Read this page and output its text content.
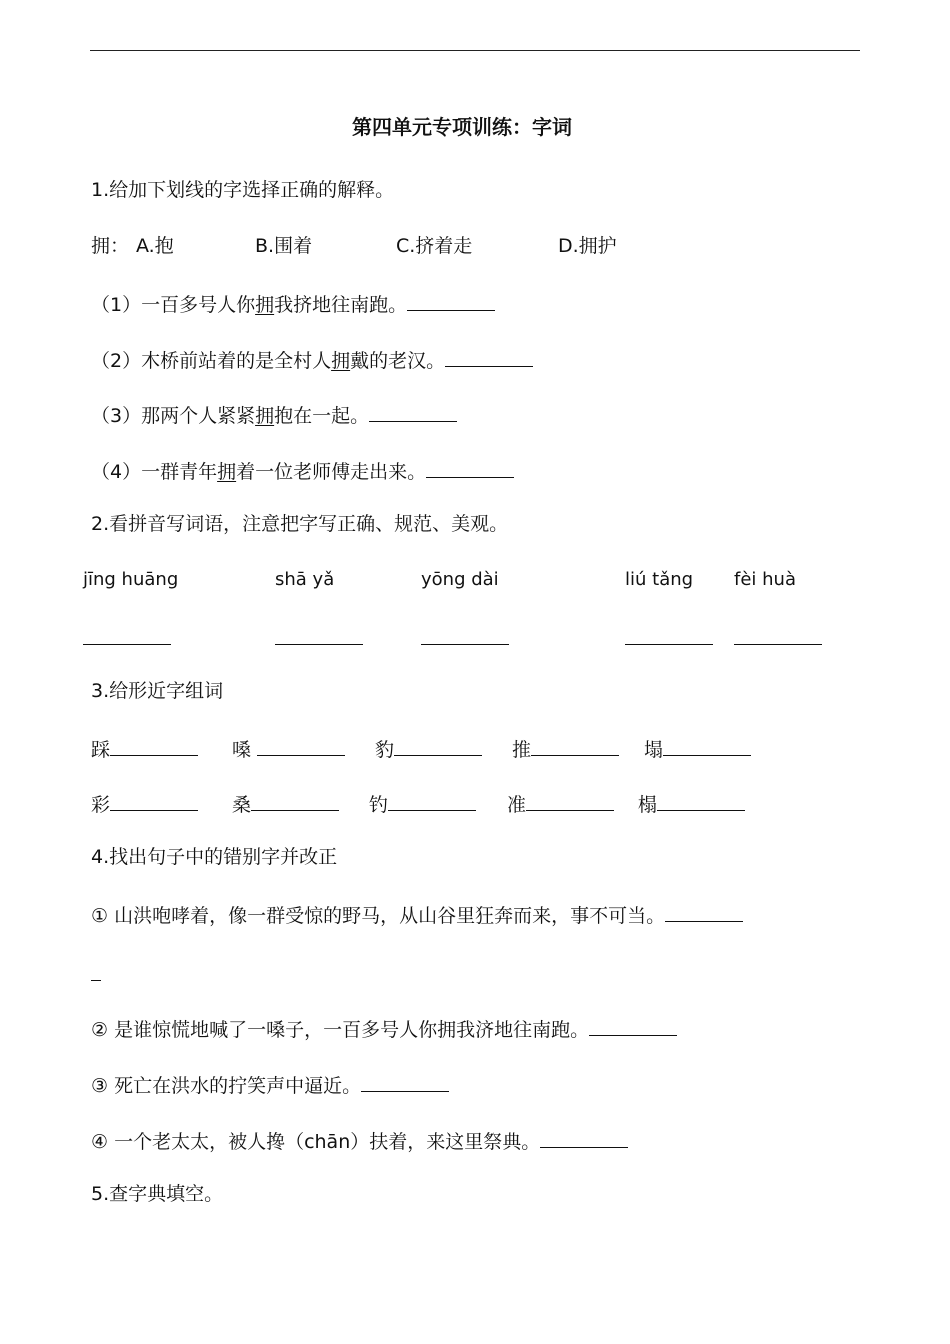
第四单元专项训练：字词
1.给加下划线的字选择正确的解释。
拥： A.抱	B.围着	C.挤着走	D.拥护
（1）一百多号人你拥我挤地往南跑。
（2）木桥前站着的是全村人拥戴的老汉。
（3）那两个人紧紧拥抱在一起。
（4）一群青年拥着一位老师傅走出来。
2.看拼音写词语，注意把字写正确、规范、美观。
jīng huāng	shā yǎ	yōng dài	liú tǎng fèi huà
3.给形近字组词
踩	嗓	豹	推	塌
彩	桑	钓	准	榻
4.找出句子中的错别字并改正
① 山洪咆哮着，像一群受惊的野马，从山谷里狂奔而来，事不可当。
② 是谁惊慌地喊了一嗓子，一百多号人你拥我济地往南跑。
③ 死亡在洪水的拧笑声中逼近。
④ 一个老太太，被人搀（chān）扶着，来这里祭典。
5.查字典填空。
